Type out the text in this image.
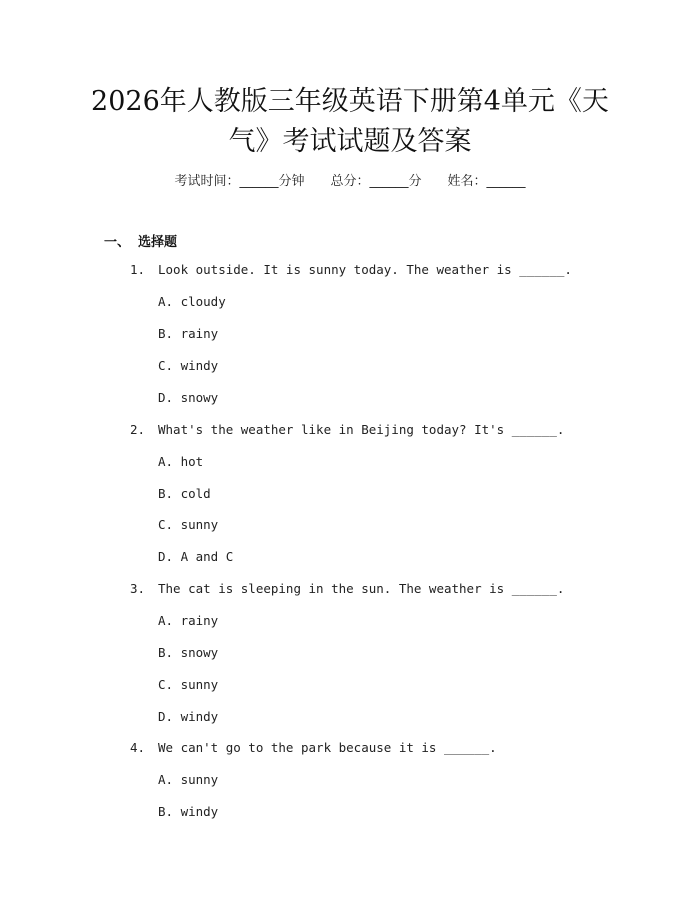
2026年人教版三年级英语下册第4单元《天
气》考试试题及答案
考试时间：______分钟 总分：______分 姓名：______
一、 选择题
1. Look outside. It is sunny today. The weather is ______.
A. cloudy
B. rainy
C. windy
D. snowy
2. What's the weather like in Beijing today? It's ______.
A. hot
B. cold
C. sunny
D. A and C
3. The cat is sleeping in the sun. The weather is ______.
A. rainy
B. snowy
C. sunny
D. windy
4. We can't go to the park because it is ______.
A. sunny
B. windy
